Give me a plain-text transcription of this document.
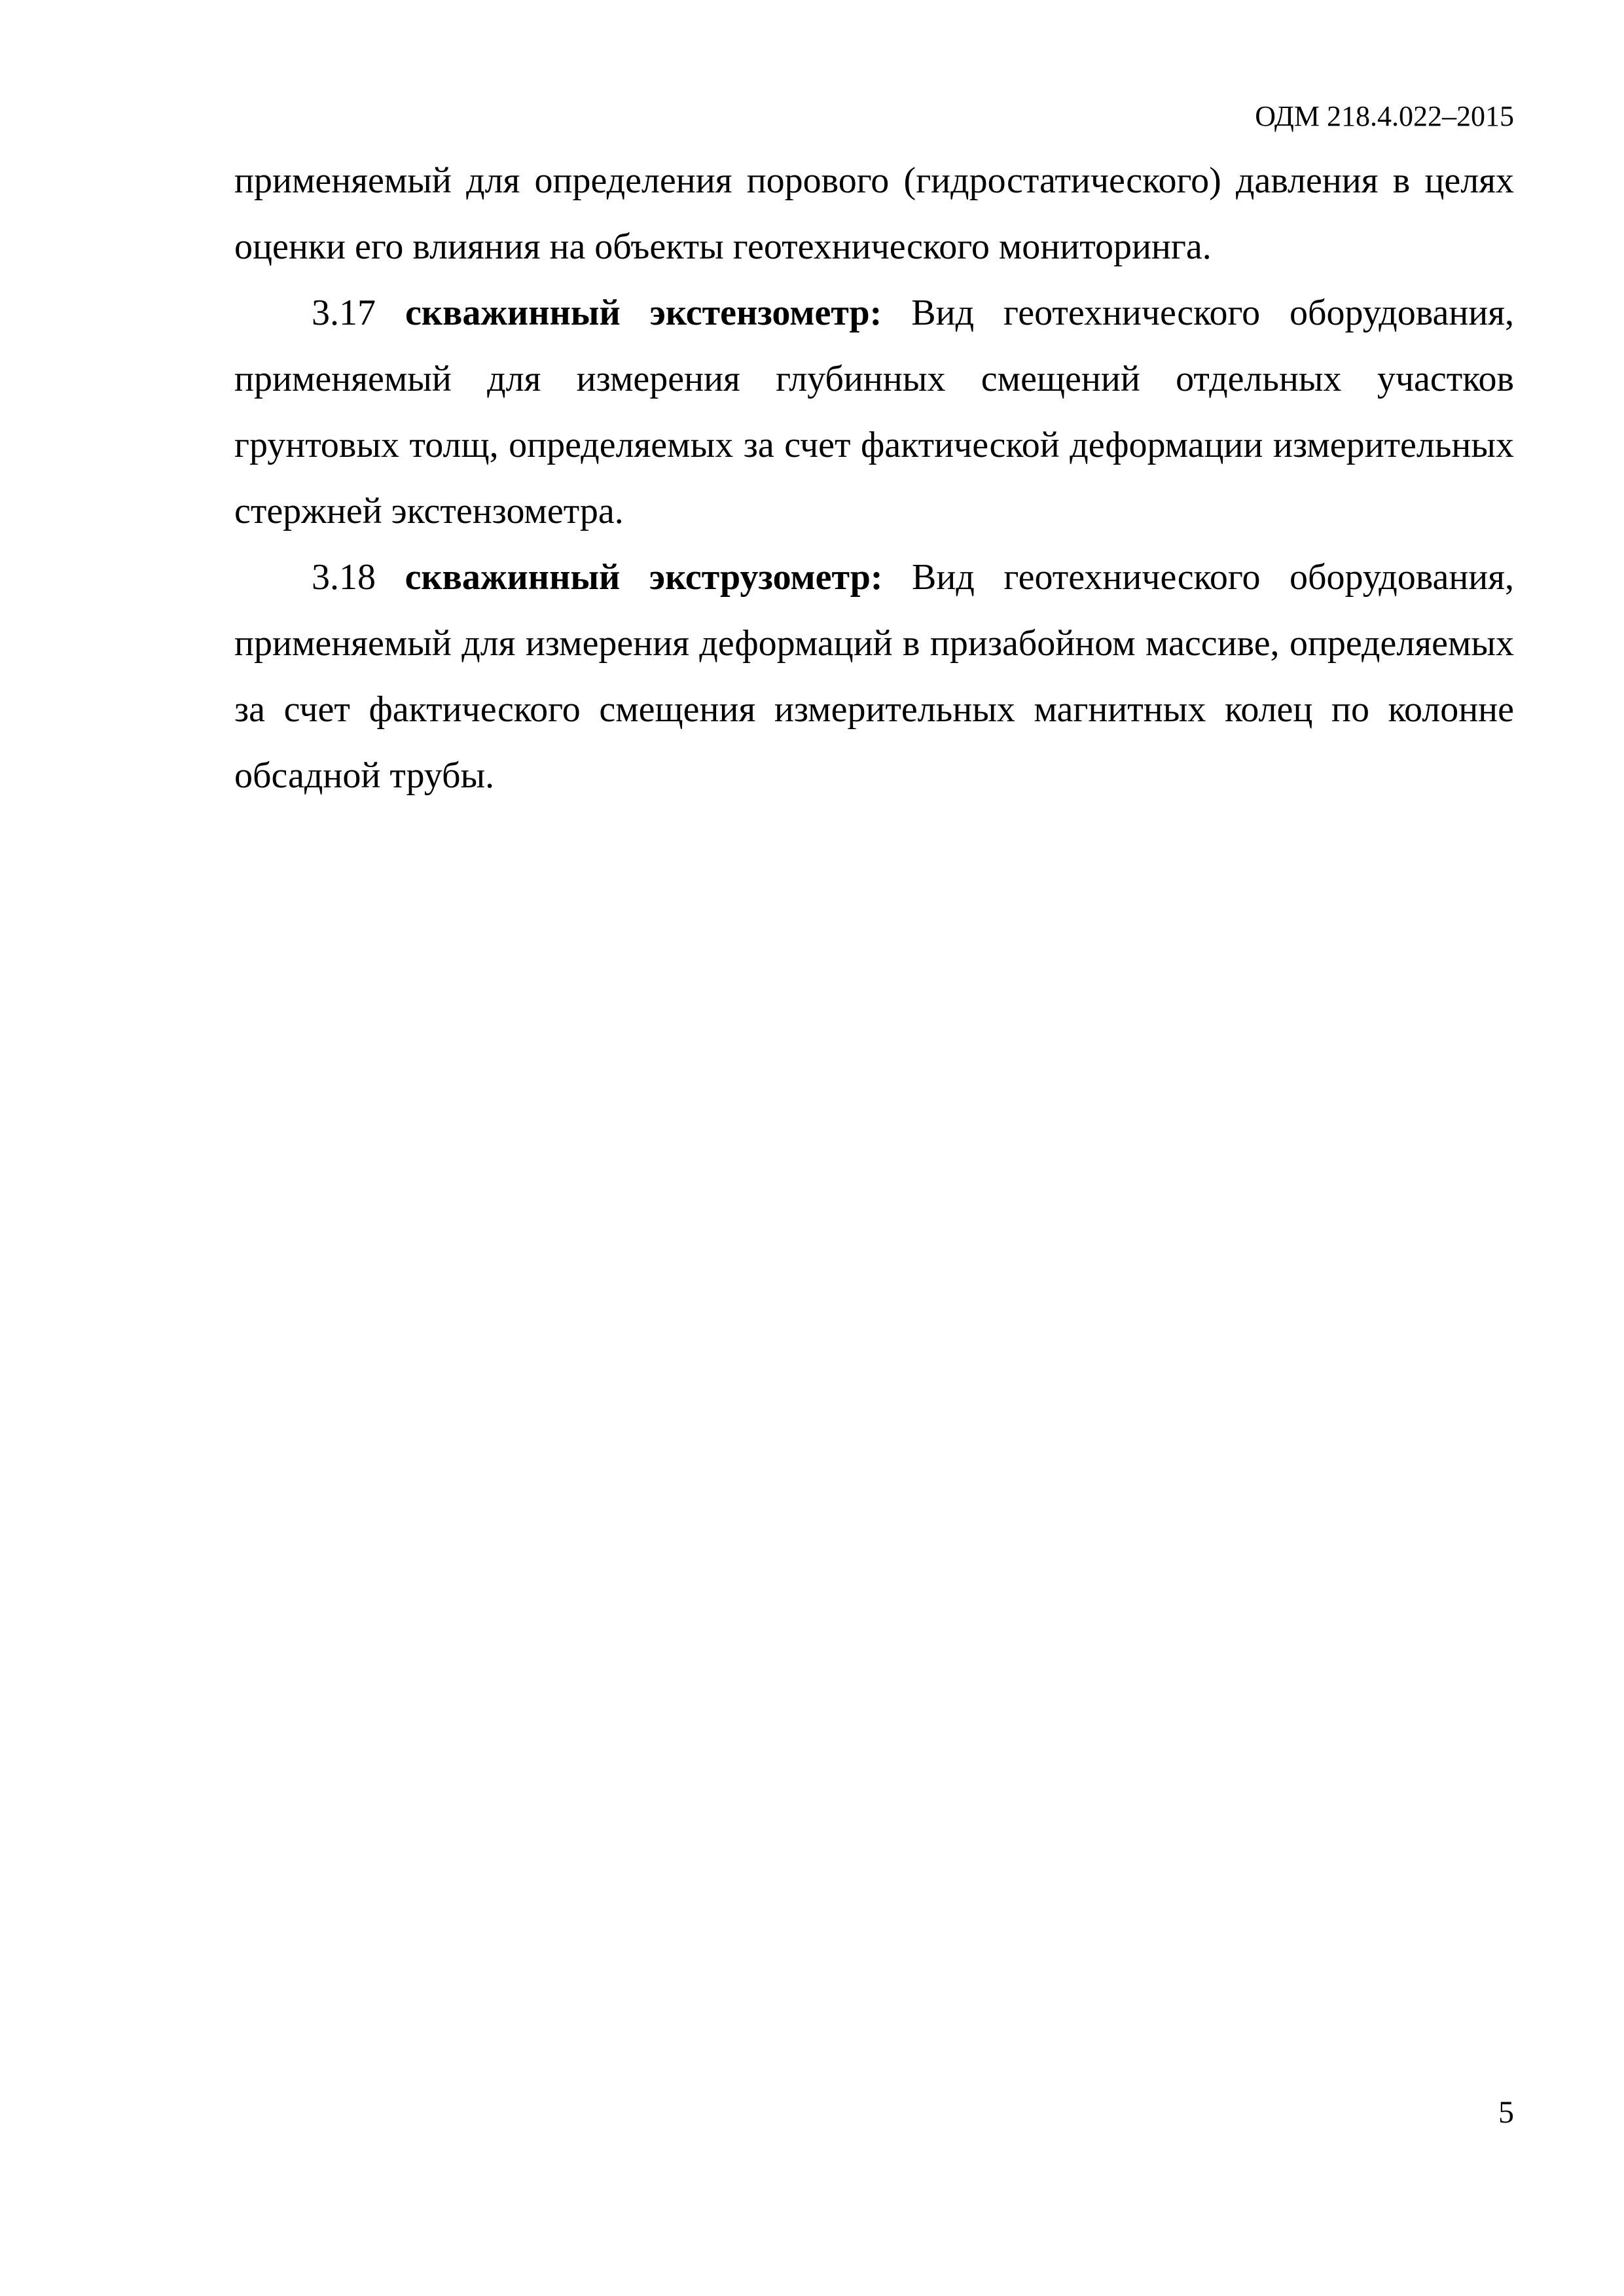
ОДМ 218.4.022–2015

применяемый для определения порового (гидростатического) давления в целях оценки его влияния на объекты геотехнического мониторинга.

3.17 скважинный экстензометр: Вид геотехнического оборудования, применяемый для измерения глубинных смещений отдельных участков грунтовых толщ, определяемых за счет фактической деформации измерительных стержней экстензометра.

3.18 скважинный экструзометр: Вид геотехнического оборудования, применяемый для измерения деформаций в призабойном массиве, определяемых за счет фактического смещения измерительных магнитных колец по колонне обсадной трубы.

5
